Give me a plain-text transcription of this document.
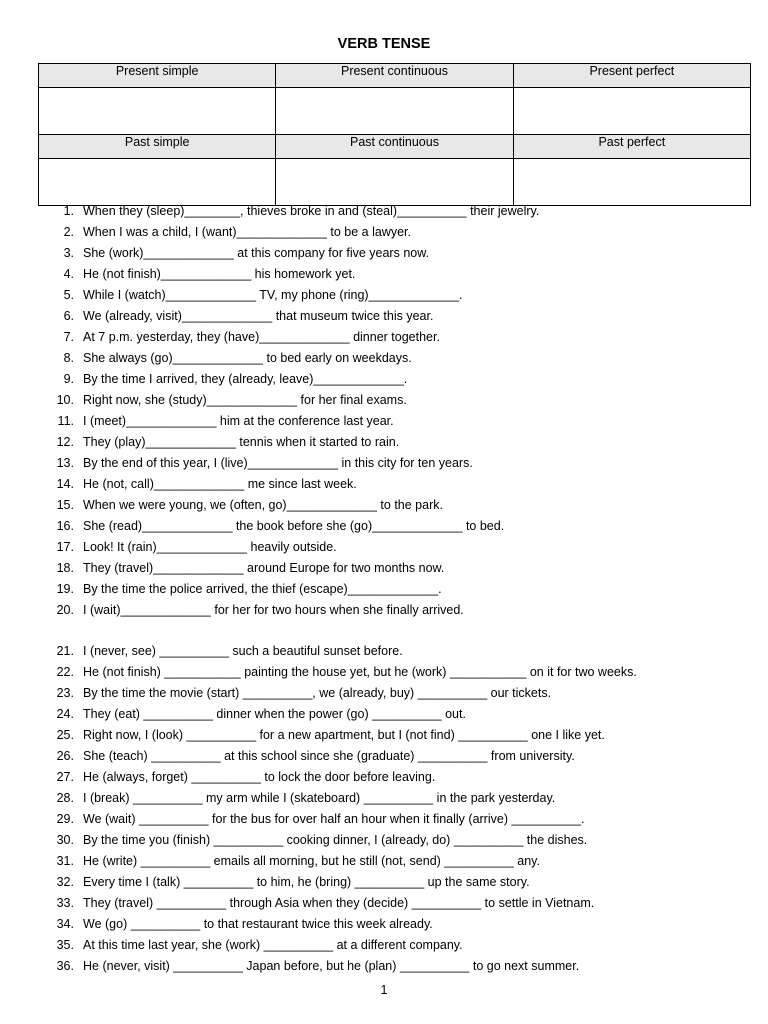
VERB TENSE
Present simple	Present continuous	Present perfect

Past simple	Past continuous	Past perfect

1. When they (sleep)________, thieves broke in and (steal)__________ their jewelry.
2. When I was a child, I (want)_____________ to be a lawyer.
3. She (work)_____________ at this company for five years now.
4. He (not finish)_____________ his homework yet.
5. While I (watch)_____________ TV, my phone (ring)_____________.
6. We (already, visit)_____________ that museum twice this year.
7. At 7 p.m. yesterday, they (have)_____________ dinner together.
8. She always (go)_____________ to bed early on weekdays.
9. By the time I arrived, they (already, leave)_____________.
10. Right now, she (study)_____________ for her final exams.
11. I (meet)_____________ him at the conference last year.
12. They (play)_____________ tennis when it started to rain.
13. By the end of this year, I (live)_____________ in this city for ten years.
14. He (not, call)_____________ me since last week.
15. When we were young, we (often, go)_____________ to the park.
16. She (read)_____________ the book before she (go)_____________ to bed.
17. Look! It (rain)_____________ heavily outside.
18. They (travel)_____________ around Europe for two months now.
19. By the time the police arrived, the thief (escape)_____________.
20. I (wait)_____________ for her for two hours when she finally arrived.
21. I (never, see) __________ such a beautiful sunset before.
22. He (not finish) ___________ painting the house yet, but he (work) ___________ on it for two weeks.
23. By the time the movie (start) __________, we (already, buy) __________ our tickets.
24. They (eat) __________ dinner when the power (go) __________ out.
25. Right now, I (look) __________ for a new apartment, but I (not find) __________ one I like yet.
26. She (teach) __________ at this school since she (graduate) __________ from university.
27. He (always, forget) __________ to lock the door before leaving.
28. I (break) __________ my arm while I (skateboard) __________ in the park yesterday.
29. We (wait) __________ for the bus for over half an hour when it finally (arrive) __________.
30. By the time you (finish) __________ cooking dinner, I (already, do) __________ the dishes.
31. He (write) __________ emails all morning, but he still (not, send) __________ any.
32. Every time I (talk) __________ to him, he (bring) __________ up the same story.
33. They (travel) __________ through Asia when they (decide) __________ to settle in Vietnam.
34. We (go) __________ to that restaurant twice this week already.
35. At this time last year, she (work) __________ at a different company.
36. He (never, visit) __________ Japan before, but he (plan) __________ to go next summer.
1
